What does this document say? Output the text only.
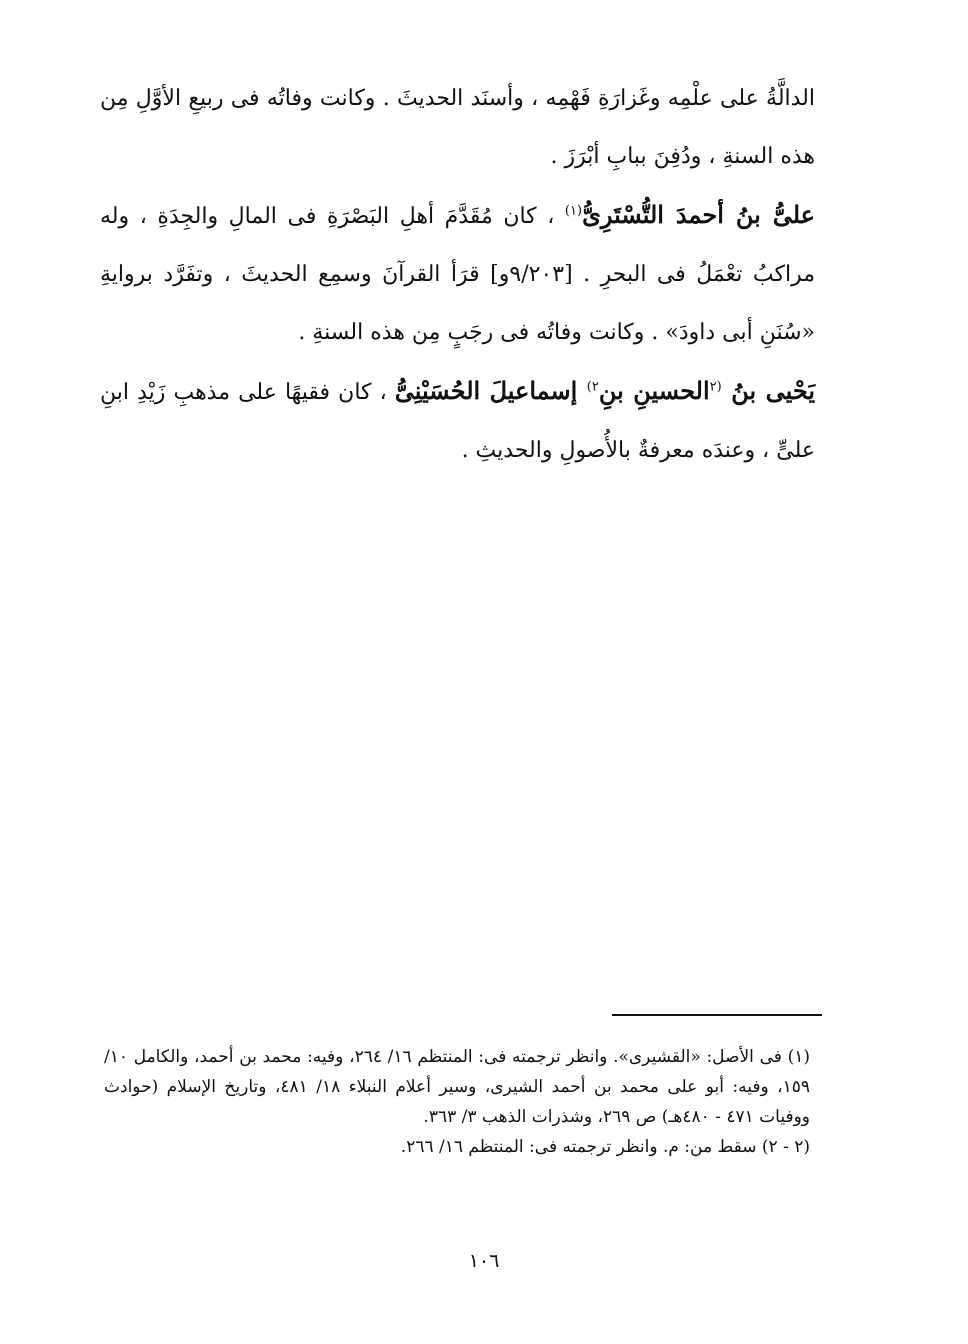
الدالَّةُ على علْمِه وغَزارَةِ فَهْمِه ، وأسنَد الحديثَ . وكانت وفاتُه فى ربيعِ الأوَّلِ مِن هذه السنةِ ، ودُفِنَ ببابِ أبْرَزَ .

علىُّ بنُ أحمدَ التُّسْتَرِىُّ$^{(١)}$ ، كان مُقَدَّمَ أهلِ البَصْرَةِ فى المالِ والجِدَةِ ، وله مراكبُ تعْمَلُ فى البحرِ . [٩/٢٠٣و] قرَأ القرآنَ وسمِع الحديثَ ، وتفَرَّد بروايةِ «سُنَنِ أبى داودَ» . وكانت وفاتُه فى رجَبٍ مِن هذه السنةِ .

يَحْيى بنُ $^{(٢}$الحسينِ بنِ$^{٢)}$ إسماعيلَ الحُسَيْنِىُّ ، كان فقيهًا على مذهبِ زَيْدِ ابنِ علىٍّ ، وعندَه معرفةٌ بالأُصولِ والحديثِ .

(١) فى الأصل: «القشيرى». وانظر ترجمته فى: المنتظم ١٦/ ٢٦٤، وفيه: محمد بن أحمد، والكامل ١٠/ ١٥٩، وفيه: أبو على محمد بن أحمد الشيرى، وسير أعلام النبلاء ١٨/ ٤٨١، وتاريخ الإسلام (حوادث ووفيات ٤٧١ - ٤٨٠هـ) ص ٢٦٩، وشذرات الذهب ٣/ ٣٦٣.

(٢ - ٢) سقط من: م. وانظر ترجمته فى: المنتظم ١٦/ ٢٦٦.

١٠٦
